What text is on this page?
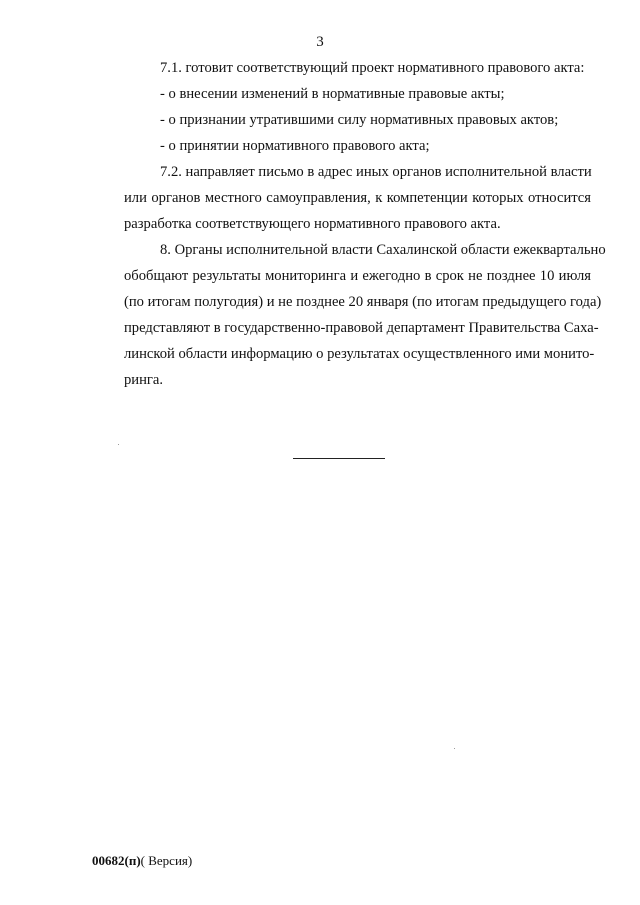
3
7.1. готовит соответствующий проект нормативного правового акта:
- о внесении изменений в нормативные правовые акты;
- о признании утратившими силу нормативных правовых актов;
- о принятии нормативного правового акта;
7.2. направляет письмо в адрес иных органов исполнительной власти
или органов местного самоуправления, к компетенции которых относится
разработка соответствующего нормативного правового акта.
8. Органы исполнительной власти Сахалинской области ежеквартально
обобщают результаты мониторинга и ежегодно в срок не позднее 10 июля
(по итогам полугодия) и не позднее 20 января (по итогам предыдущего года)
представляют в государственно-правовой департамент Правительства Саха-
линской области информацию о результатах осуществленного ими монито-
ринга.
00682(п)( Версия)
